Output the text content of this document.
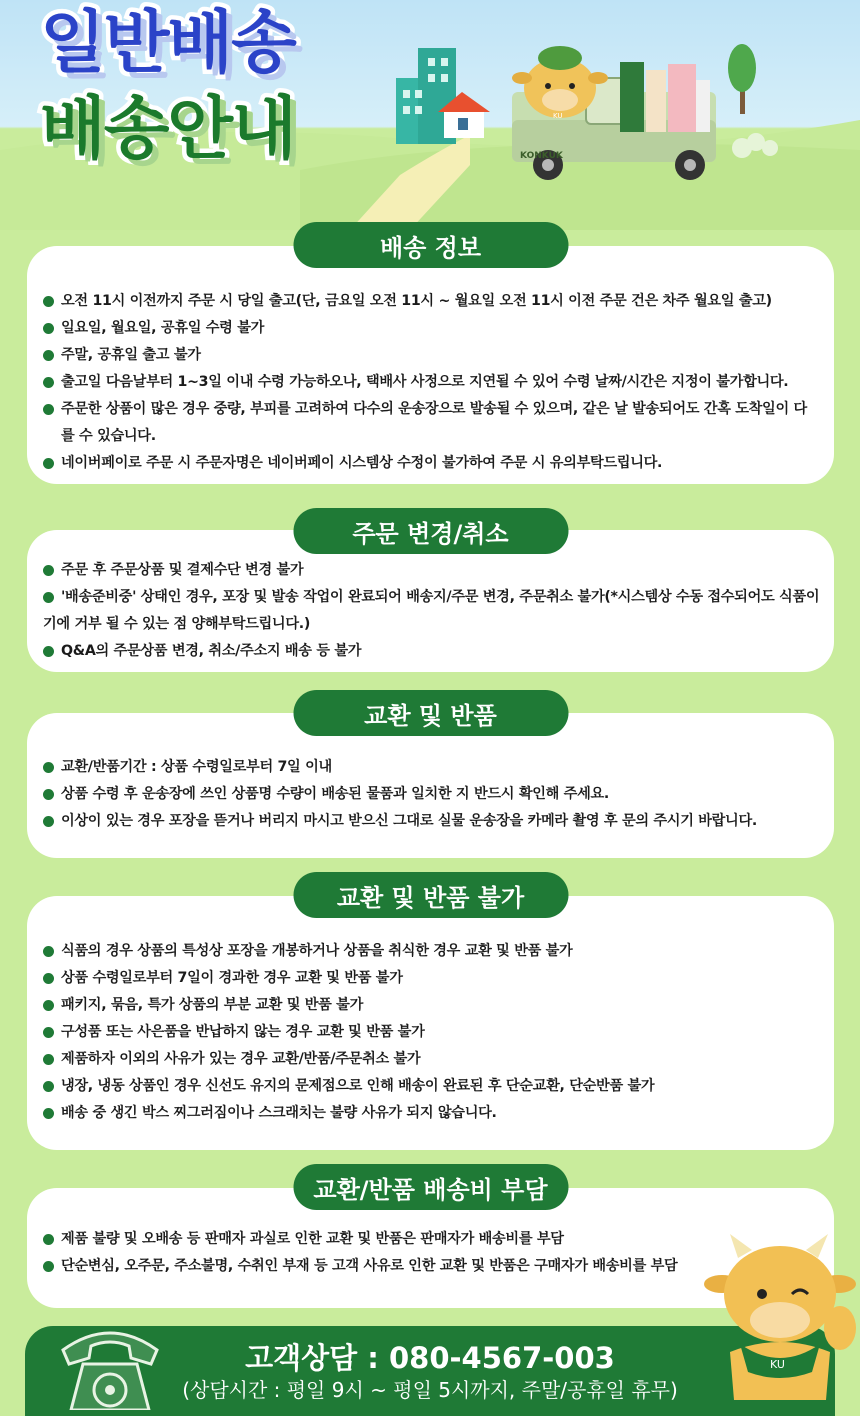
KONKUK
KU
일반배송
배송안내
배송 정보
오전 11시 이전까지 주문 시 당일 출고(단, 금요일 오전 11시 ~ 월요일 오전 11시 이전 주문 건은 차주 월요일 출고)
일요일, 월요일, 공휴일 수령 불가
주말, 공휴일 출고 불가
출고일 다음날부터 1~3일 이내 수령 가능하오나, 택배사 사정으로 지연될 수 있어 수령 날짜/시간은 지정이 불가합니다.
주문한 상품이 많은 경우 중량, 부피를 고려하여 다수의 운송장으로 발송될 수 있으며, 같은 날 발송되어도 간혹 도착일이 다를 수 있습니다.
네이버페이로 주문 시 주문자명은 네이버페이 시스템상 수정이 불가하여 주문 시 유의부탁드립니다.
주문 변경/취소
주문 후 주문상품 및 결제수단 변경 불가
'배송준비중' 상태인 경우, 포장 및 발송 작업이 완료되어 배송지/주문 변경, 주문취소 불가(*시스템상 수동 접수되어도 식품이기에 거부 될 수 있는 점 양해부탁드립니다.)
Q&A의 주문상품 변경, 취소/주소지 배송 등 불가
교환 및 반품
교환/반품기간 : 상품 수령일로부터 7일 이내
상품 수령 후 운송장에 쓰인 상품명 수량이 배송된 물품과 일치한 지 반드시 확인해 주세요.
이상이 있는 경우 포장을 뜯거나 버리지 마시고 받으신 그대로 실물 운송장을 카메라 촬영 후 문의 주시기 바랍니다.
교환 및 반품 불가
식품의 경우 상품의 특성상 포장을 개봉하거나 상품을 취식한 경우 교환 및 반품 불가
상품 수령일로부터 7일이 경과한 경우 교환 및 반품 불가
패키지, 묶음, 특가 상품의 부분 교환 및 반품 불가
구성품 또는 사은품을 반납하지 않는 경우 교환 및 반품 불가
제품하자 이외의 사유가 있는 경우 교환/반품/주문취소 불가
냉장, 냉동 상품인 경우 신선도 유지의 문제점으로 인해 배송이 완료된 후 단순교환, 단순반품 불가
배송 중 생긴 박스 찌그러짐이나 스크래치는 불량 사유가 되지 않습니다.
교환/반품 배송비 부담
제품 불량 및 오배송 등 판매자 과실로 인한 교환 및 반품은 판매자가 배송비를 부담
단순변심, 오주문, 주소불명, 수취인 부재 등 고객 사유로 인한 교환 및 반품은 구매자가 배송비를 부담
고객상담 : 080-4567-003
(상담시간 : 평일 9시 ~ 평일 5시까지, 주말/공휴일 휴무)
KU
